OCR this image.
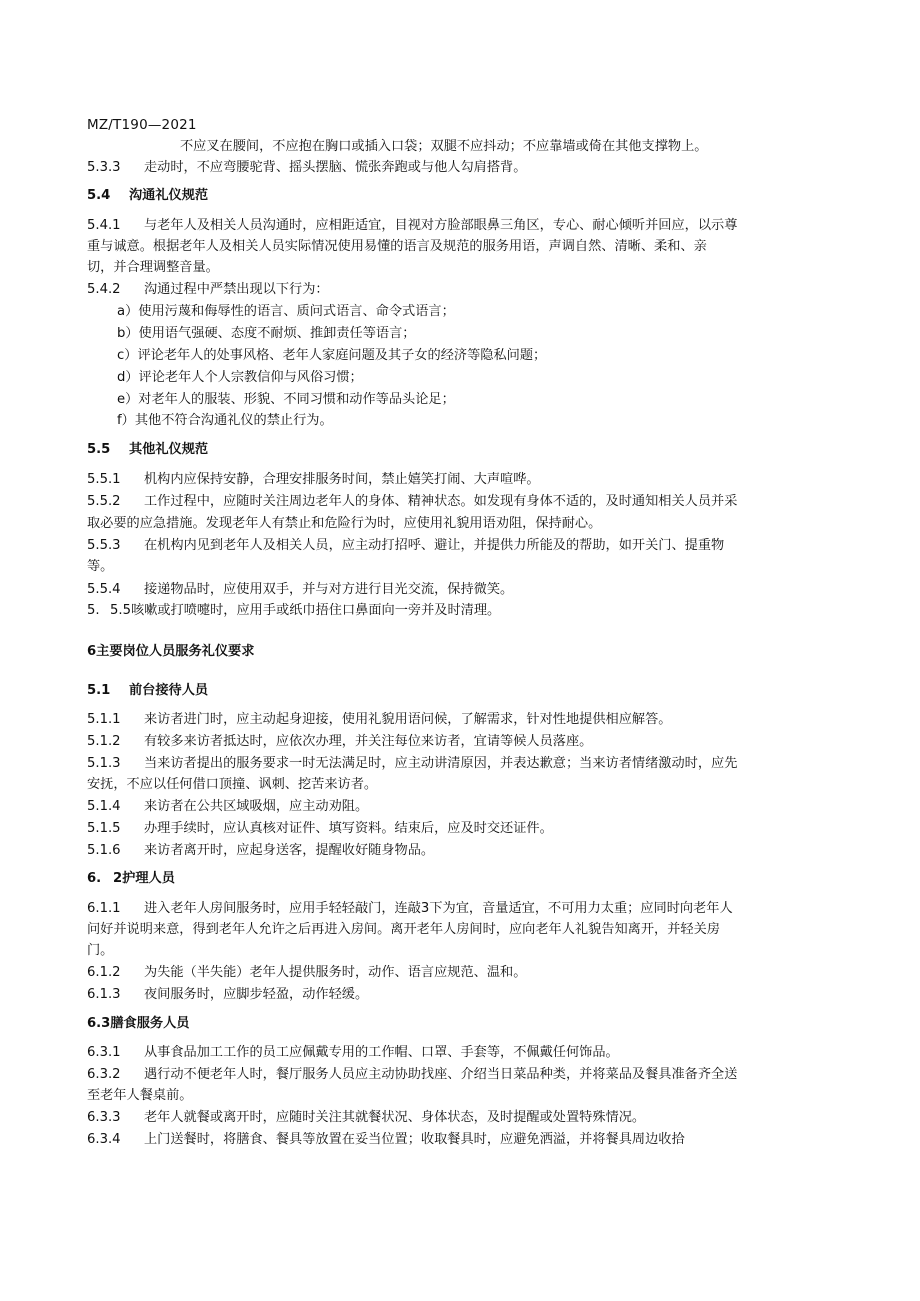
MZ/T190—2021
不应叉在腰间，不应抱在胸口或插入口袋；双腿不应抖动；不应靠墙或倚在其他支撑物上。
5.3.3 走动时，不应弯腰驼背、摇头摆脑、慌张奔跑或与他人勾肩搭背。
5.4 沟通礼仪规范
5.4.1 与老年人及相关人员沟通时，应相距适宜，目视对方脸部眼鼻三角区，专心、耐心倾听并回应，以示尊
重与诚意。根据老年人及相关人员实际情况使用易懂的语言及规范的服务用语，声调自然、清晰、柔和、亲
切，并合理调整音量。
5.4.2 沟通过程中严禁出现以下行为：
a）使用污蔑和侮辱性的语言、质问式语言、命令式语言；
b）使用语气强硬、态度不耐烦、推卸责任等语言；
c）评论老年人的处事风格、老年人家庭问题及其子女的经济等隐私问题；
d）评论老年人个人宗教信仰与风俗习惯；
e）对老年人的服装、形貌、不同习惯和动作等品头论足；
f）其他不符合沟通礼仪的禁止行为。
5.5 其他礼仪规范
5.5.1 机构内应保持安静，合理安排服务时间，禁止嬉笑打闹、大声喧哗。
5.5.2 工作过程中，应随时关注周边老年人的身体、精神状态。如发现有身体不适的，及时通知相关人员并采
取必要的应急措施。发现老年人有禁止和危险行为时，应使用礼貌用语劝阻，保持耐心。
5.5.3 在机构内见到老年人及相关人员，应主动打招呼、避让，并提供力所能及的帮助，如开关门、提重物
等。
5.5.4 接递物品时，应使用双手，并与对方进行目光交流，保持微笑。
5. 5.5咳嗽或打喷嚏时，应用手或纸巾捂住口鼻面向一旁并及时清理。
6主要岗位人员服务礼仪要求
5.1 前台接待人员
5.1.1 来访者进门时，应主动起身迎接，使用礼貌用语问候，了解需求，针对性地提供相应解答。
5.1.2 有较多来访者抵达时，应依次办理，并关注每位来访者，宜请等候人员落座。
5.1.3 当来访者提出的服务要求一时无法满足时，应主动讲清原因，并表达歉意；当来访者情绪激动时，应先
安抚，不应以任何借口顶撞、讽刺、挖苦来访者。
5.1.4 来访者在公共区域吸烟，应主动劝阻。
5.1.5 办理手续时，应认真核对证件、填写资料。结束后，应及时交还证件。
5.1.6 来访者离开时，应起身送客，提醒收好随身物品。
6. 2护理人员
6.1.1 进入老年人房间服务时，应用手轻轻敲门，连敲3下为宜，音量适宜，不可用力太重；应同时向老年人
问好并说明来意，得到老年人允许之后再进入房间。离开老年人房间时，应向老年人礼貌告知离开，并轻关房
门。
6.1.2 为失能（半失能）老年人提供服务时，动作、语言应规范、温和。
6.1.3 夜间服务时，应脚步轻盈，动作轻缓。
6.3膳食服务人员
6.3.1 从事食品加工工作的员工应佩戴专用的工作帽、口罩、手套等，不佩戴任何饰品。
6.3.2 遇行动不便老年人时，餐厅服务人员应主动协助找座、介绍当日菜品种类，并将菜品及餐具准备齐全送
至老年人餐桌前。
6.3.3 老年人就餐或离开时，应随时关注其就餐状况、身体状态，及时提醒或处置特殊情况。
6.3.4 上门送餐时，将膳食、餐具等放置在妥当位置；收取餐具时，应避免洒溢，并将餐具周边收拾
